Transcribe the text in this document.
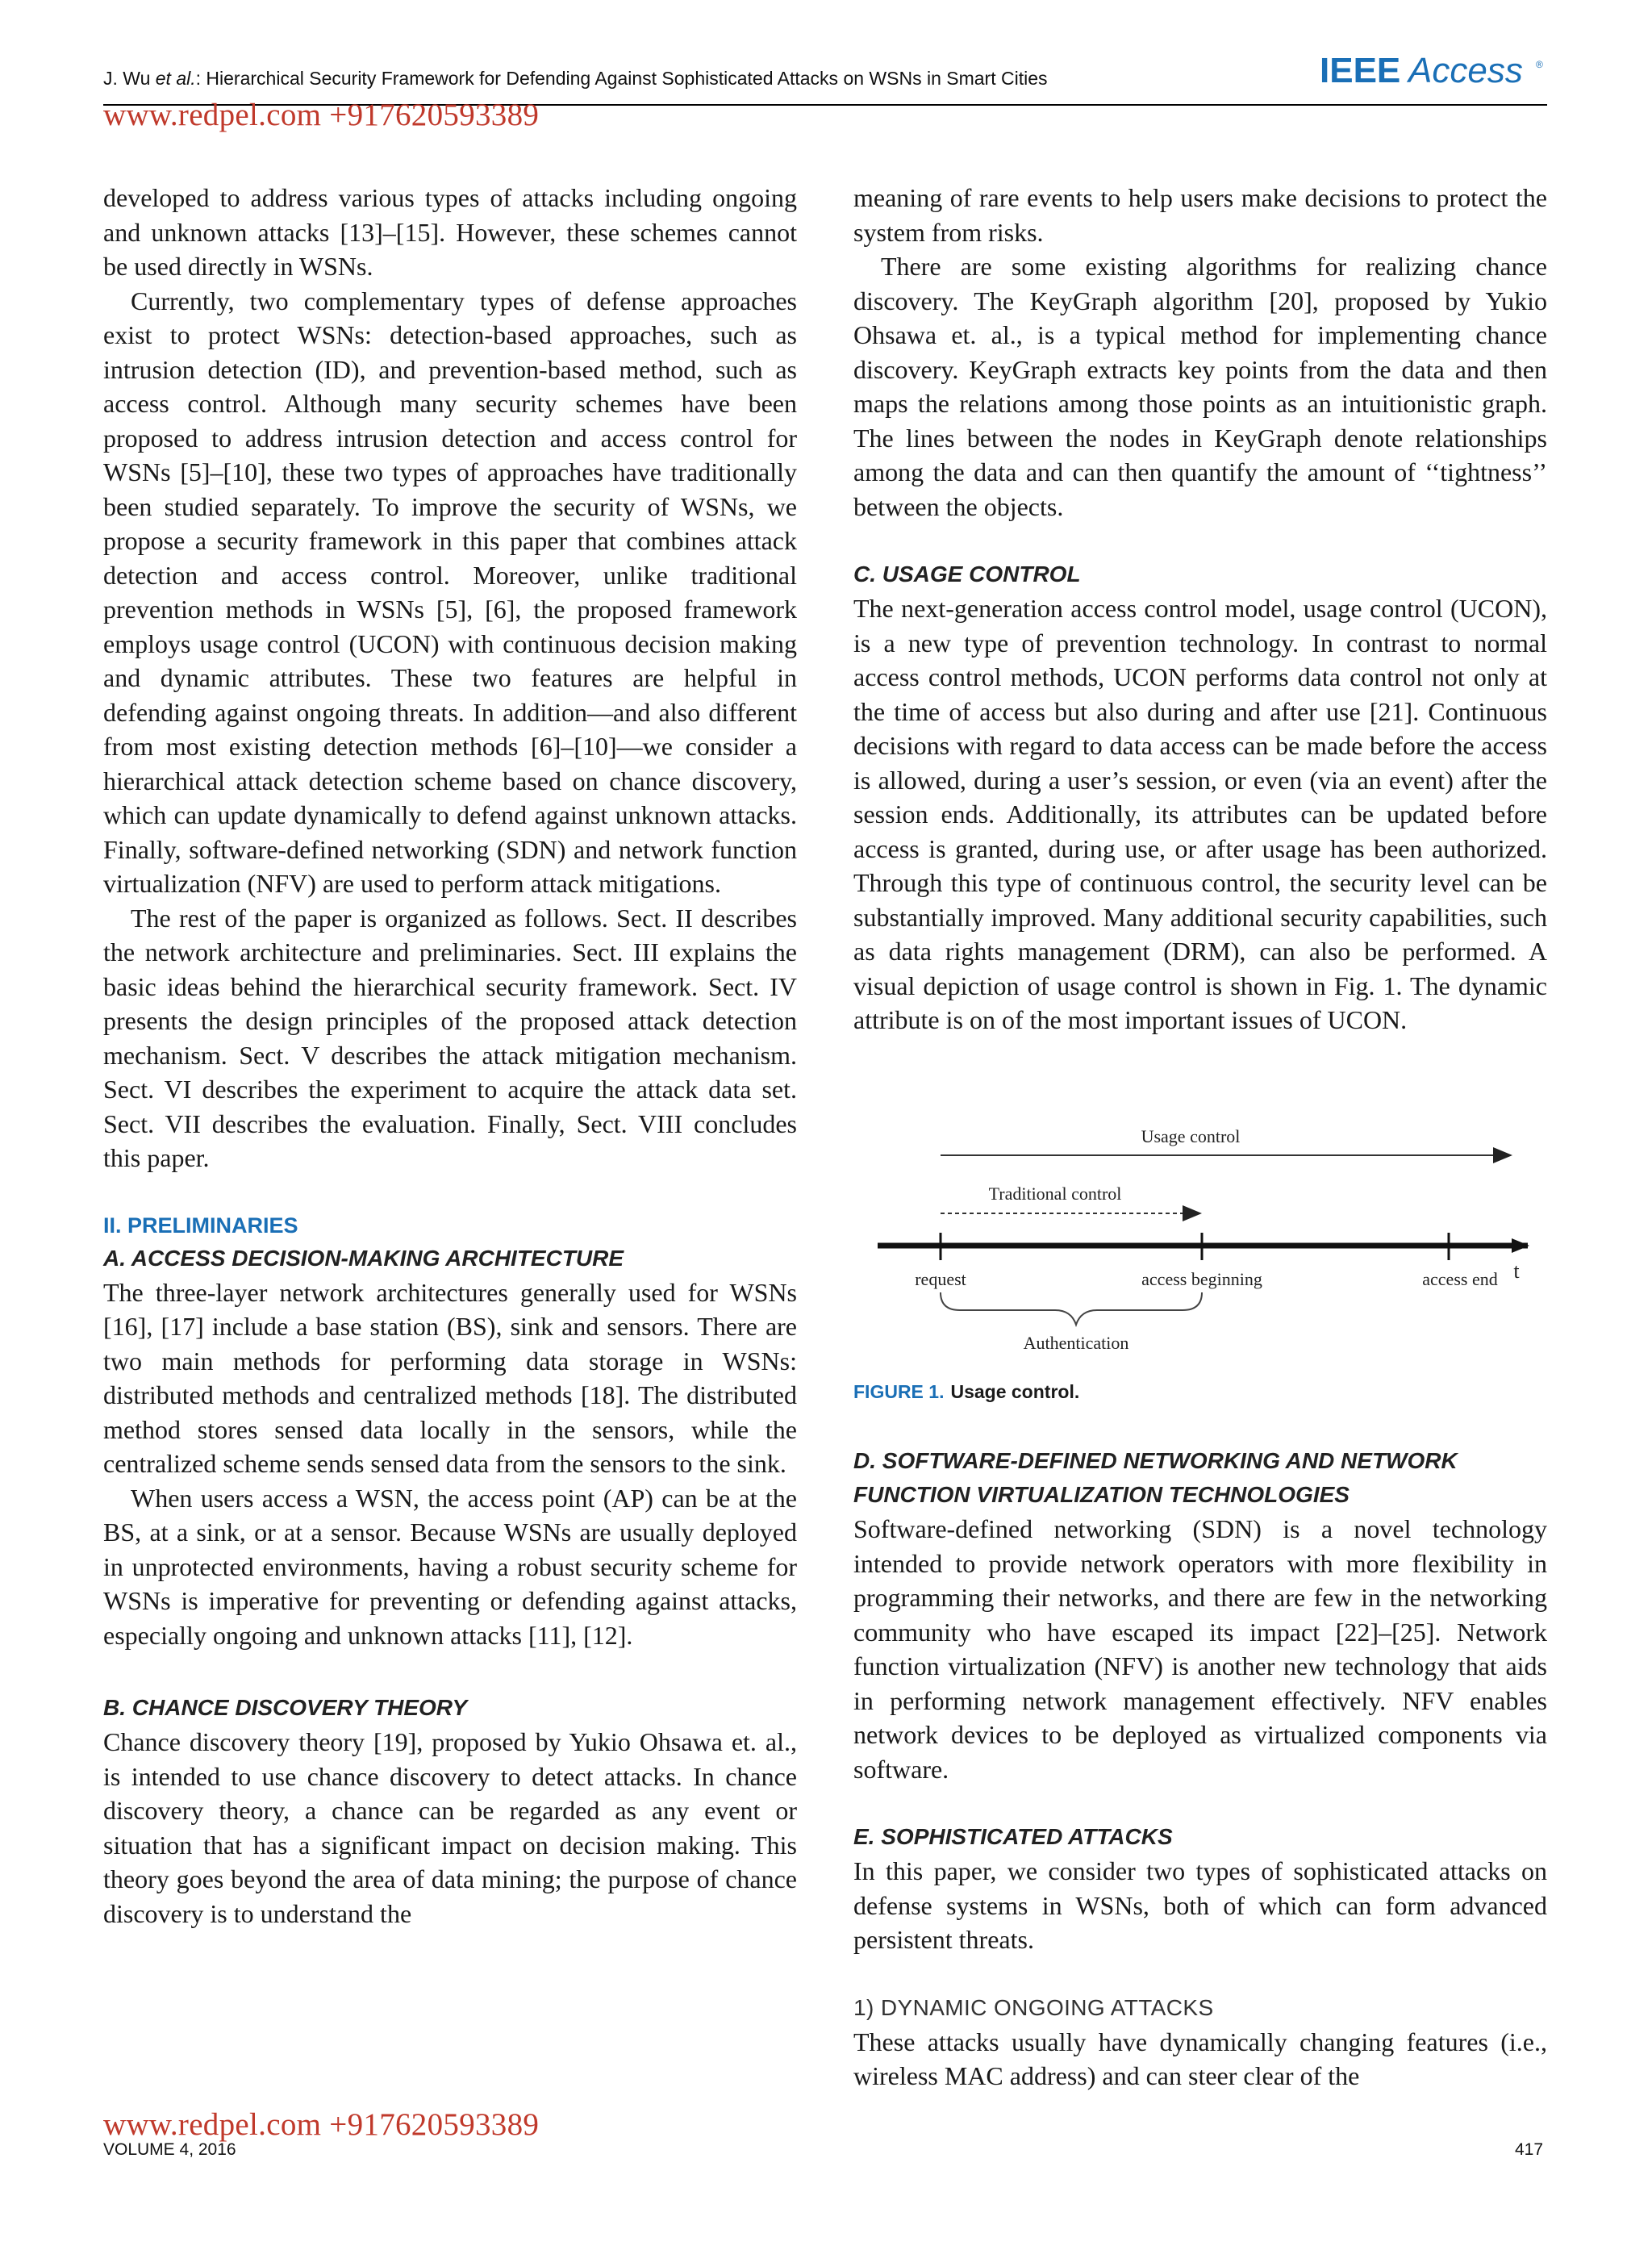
J. Wu et al.: Hierarchical Security Framework for Defending Against Sophisticated Attacks on WSNs in Smart Cities	IEEE Access ®
www.redpel.com +917620593389

developed to address various types of attacks including ongoing and unknown attacks [13]–[15]. However, these schemes cannot be used directly in WSNs.

Currently, two complementary types of defense approaches exist to protect WSNs: detection-based approaches, such as intrusion detection (ID), and prevention-based method, such as access control. Although many security schemes have been proposed to address intrusion detection and access control for WSNs [5]–[10], these two types of approaches have traditionally been studied separately. To improve the security of WSNs, we propose a security framework in this paper that combines attack detection and access control. Moreover, unlike traditional prevention methods in WSNs [5], [6], the proposed framework employs usage control (UCON) with continuous decision making and dynamic attributes. These two features are helpful in defending against ongoing threats. In addition—and also different from most existing detection methods [6]–[10]—we consider a hierarchical attack detection scheme based on chance discovery, which can update dynamically to defend against unknown attacks. Finally, software-defined networking (SDN) and network function virtualization (NFV) are used to perform attack mitigations.

The rest of the paper is organized as follows. Sect. II describes the network architecture and preliminaries. Sect. III explains the basic ideas behind the hierarchical security framework. Sect. IV presents the design principles of the proposed attack detection mechanism. Sect. V describes the attack mitigation mechanism. Sect. VI describes the experiment to acquire the attack data set. Sect. VII describes the evaluation. Finally, Sect. VIII concludes this paper.

II. PRELIMINARIES

A. ACCESS DECISION-MAKING ARCHITECTURE

The three-layer network architectures generally used for WSNs [16], [17] include a base station (BS), sink and sensors. There are two main methods for performing data storage in WSNs: distributed methods and centralized methods [18]. The distributed method stores sensed data locally in the sensors, while the centralized scheme sends sensed data from the sensors to the sink.

When users access a WSN, the access point (AP) can be at the BS, at a sink, or at a sensor. Because WSNs are usually deployed in unprotected environments, having a robust security scheme for WSNs is imperative for preventing or defending against attacks, especially ongoing and unknown attacks [11], [12].

B. CHANCE DISCOVERY THEORY

Chance discovery theory [19], proposed by Yukio Ohsawa et. al., is intended to use chance discovery to detect attacks. In chance discovery theory, a chance can be regarded as any event or situation that has a significant impact on decision making. This theory goes beyond the area of data mining; the purpose of chance discovery is to understand the

meaning of rare events to help users make decisions to protect the system from risks.

There are some existing algorithms for realizing chance discovery. The KeyGraph algorithm [20], proposed by Yukio Ohsawa et. al., is a typical method for implementing chance discovery. KeyGraph extracts key points from the data and then maps the relations among those points as an intuitionistic graph. The lines between the nodes in KeyGraph denote relationships among the data and can then quantify the amount of ‘‘tightness’’ between the objects.

C. USAGE CONTROL

The next-generation access control model, usage control (UCON), is a new type of prevention technology. In contrast to normal access control methods, UCON performs data control not only at the time of access but also during and after use [21]. Continuous decisions with regard to data access can be made before the access is allowed, during a user’s session, or even (via an event) after the session ends. Additionally, its attributes can be updated before access is granted, during use, or after usage has been authorized. Through this type of continuous control, the security level can be substantially improved. Many additional security capabilities, such as data rights management (DRM), can also be performed. A visual depiction of usage control is shown in Fig. 1. The dynamic attribute is on of the most important issues of UCON.

Usage control
Traditional control
request	access beginning	access end t
Authentication
FIGURE 1. Usage control.

D. SOFTWARE-DEFINED NETWORKING AND NETWORK FUNCTION VIRTUALIZATION TECHNOLOGIES

Software-defined networking (SDN) is a novel technology intended to provide network operators with more flexibility in programming their networks, and there are few in the networking community who have escaped its impact [22]–[25]. Network function virtualization (NFV) is another new technology that aids in performing network management effectively. NFV enables network devices to be deployed as virtualized components via software.

E. SOPHISTICATED ATTACKS

In this paper, we consider two types of sophisticated attacks on defense systems in WSNs, both of which can form advanced persistent threats.

1) DYNAMIC ONGOING ATTACKS

These attacks usually have dynamically changing features (i.e., wireless MAC address) and can steer clear of the

www.redpel.com +917620593389
VOLUME 4, 2016	417
